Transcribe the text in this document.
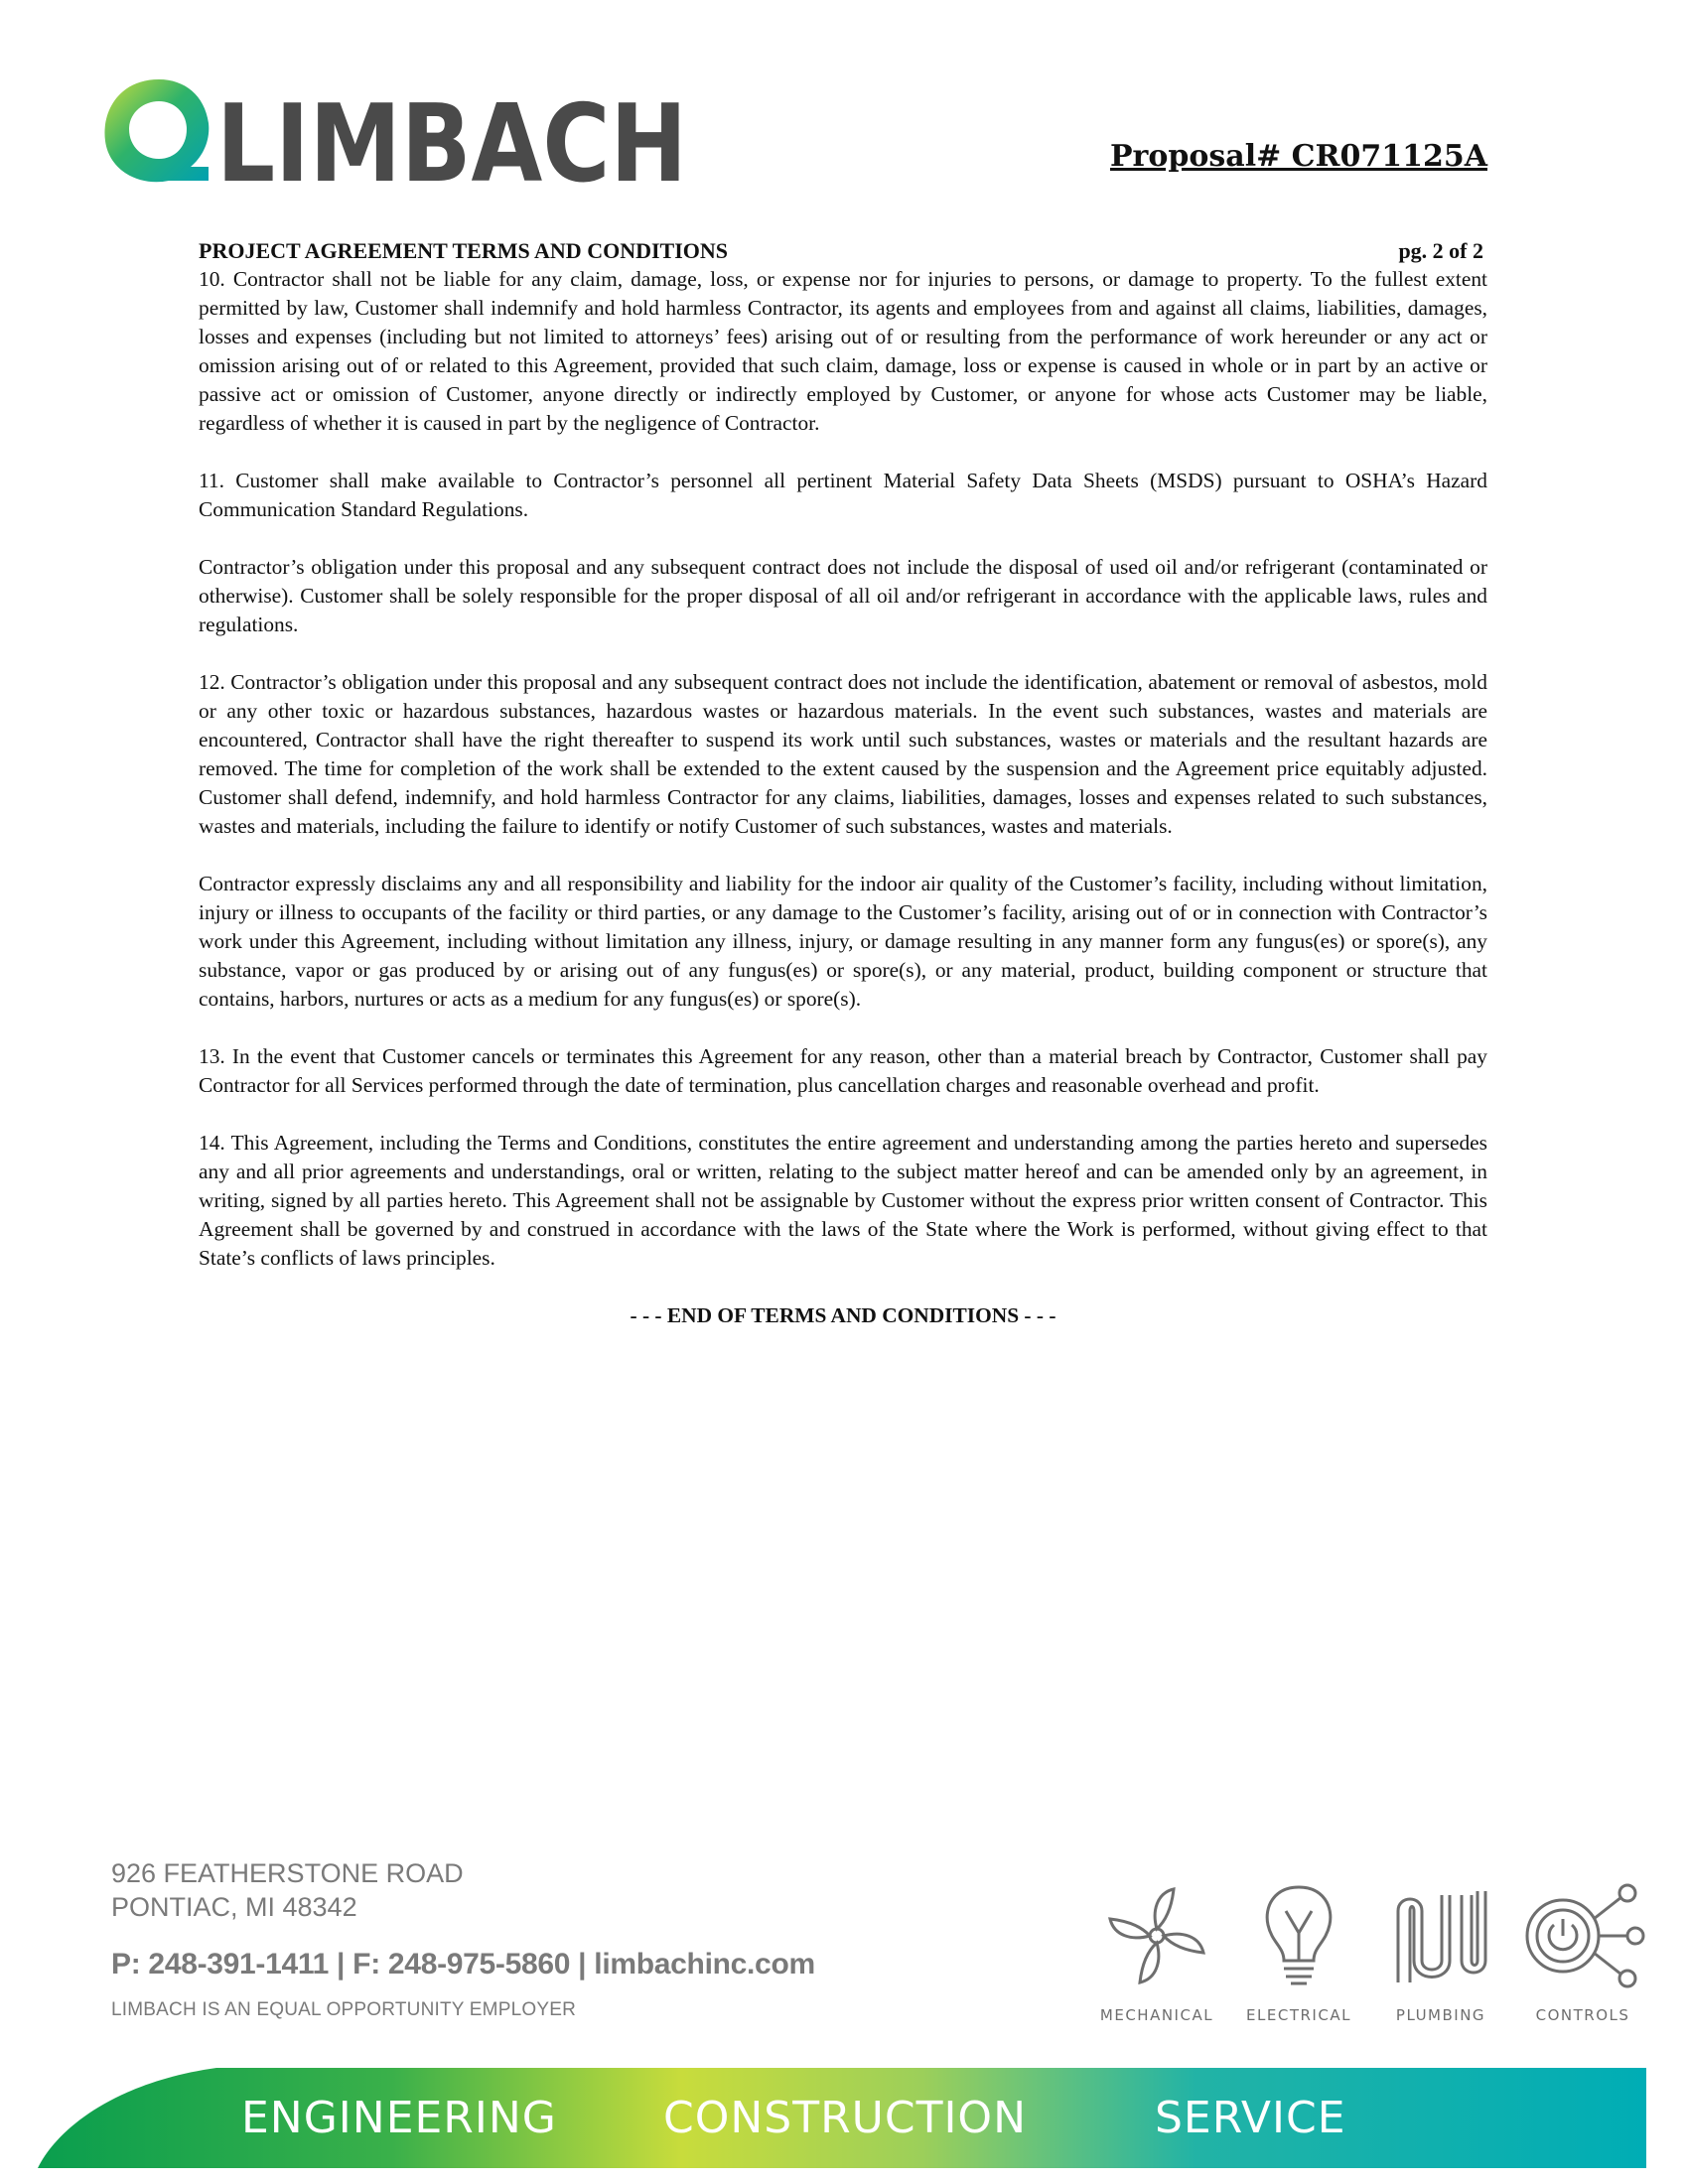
LIMBACH	Proposal# CR071125A
PROJECT AGREEMENT TERMS AND CONDITIONS	pg. 2 of 2

10. Contractor shall not be liable for any claim, damage, loss, or expense nor for injuries to persons, or damage to property. To the fullest extent permitted by law, Customer shall indemnify and hold harmless Contractor, its agents and employees from and against all claims, liabilities, damages, losses and expenses (including but not limited to attorneys’ fees) arising out of or resulting from the performance of work hereunder or any act or omission arising out of or related to this Agreement, provided that such claim, damage, loss or expense is caused in whole or in part by an active or passive act or omission of Customer, anyone directly or indirectly employed by Customer, or anyone for whose acts Customer may be liable, regardless of whether it is caused in part by the negligence of Contractor.

11. Customer shall make available to Contractor’s personnel all pertinent Material Safety Data Sheets (MSDS) pursuant to OSHA’s Hazard Communication Standard Regulations.

Contractor’s obligation under this proposal and any subsequent contract does not include the disposal of used oil and/or refrigerant (contaminated or otherwise). Customer shall be solely responsible for the proper disposal of all oil and/or refrigerant in accordance with the applicable laws, rules and regulations.

12. Contractor’s obligation under this proposal and any subsequent contract does not include the identification, abatement or removal of asbestos, mold or any other toxic or hazardous substances, hazardous wastes or hazardous materials. In the event such substances, wastes and materials are encountered, Contractor shall have the right thereafter to suspend its work until such substances, wastes or materials and the resultant hazards are removed. The time for completion of the work shall be extended to the extent caused by the suspension and the Agreement price equitably adjusted. Customer shall defend, indemnify, and hold harmless Contractor for any claims, liabilities, damages, losses and expenses related to such substances, wastes and materials, including the failure to identify or notify Customer of such substances, wastes and materials.

Contractor expressly disclaims any and all responsibility and liability for the indoor air quality of the Customer’s facility, including without limitation, injury or illness to occupants of the facility or third parties, or any damage to the Customer’s facility, arising out of or in connection with Contractor’s work under this Agreement, including without limitation any illness, injury, or damage resulting in any manner form any fungus(es) or spore(s), any substance, vapor or gas produced by or arising out of any fungus(es) or spore(s), or any material, product, building component or structure that contains, harbors, nurtures or acts as a medium for any fungus(es) or spore(s).

13. In the event that Customer cancels or terminates this Agreement for any reason, other than a material breach by Contractor, Customer shall pay Contractor for all Services performed through the date of termination, plus cancellation charges and reasonable overhead and profit.

14. This Agreement, including the Terms and Conditions, constitutes the entire agreement and understanding among the parties hereto and supersedes any and all prior agreements and understandings, oral or written, relating to the subject matter hereof and can be amended only by an agreement, in writing, signed by all parties hereto. This Agreement shall not be assignable by Customer without the express prior written consent of Contractor. This Agreement shall be governed by and construed in accordance with the laws of the State where the Work is performed, without giving effect to that State’s conflicts of laws principles.

- - - END OF TERMS AND CONDITIONS - - -
926 FEATHERSTONE ROAD
PONTIAC, MI 48342
P: 248-391-1411 | F: 248-975-5860 | limbachinc.com
LIMBACH IS AN EQUAL OPPORTUNITY EMPLOYER	MECHANICAL	ELECTRICAL	PLUMBING	CONTROLS
ENGINEERING CONSTRUCTION	SERVICE
